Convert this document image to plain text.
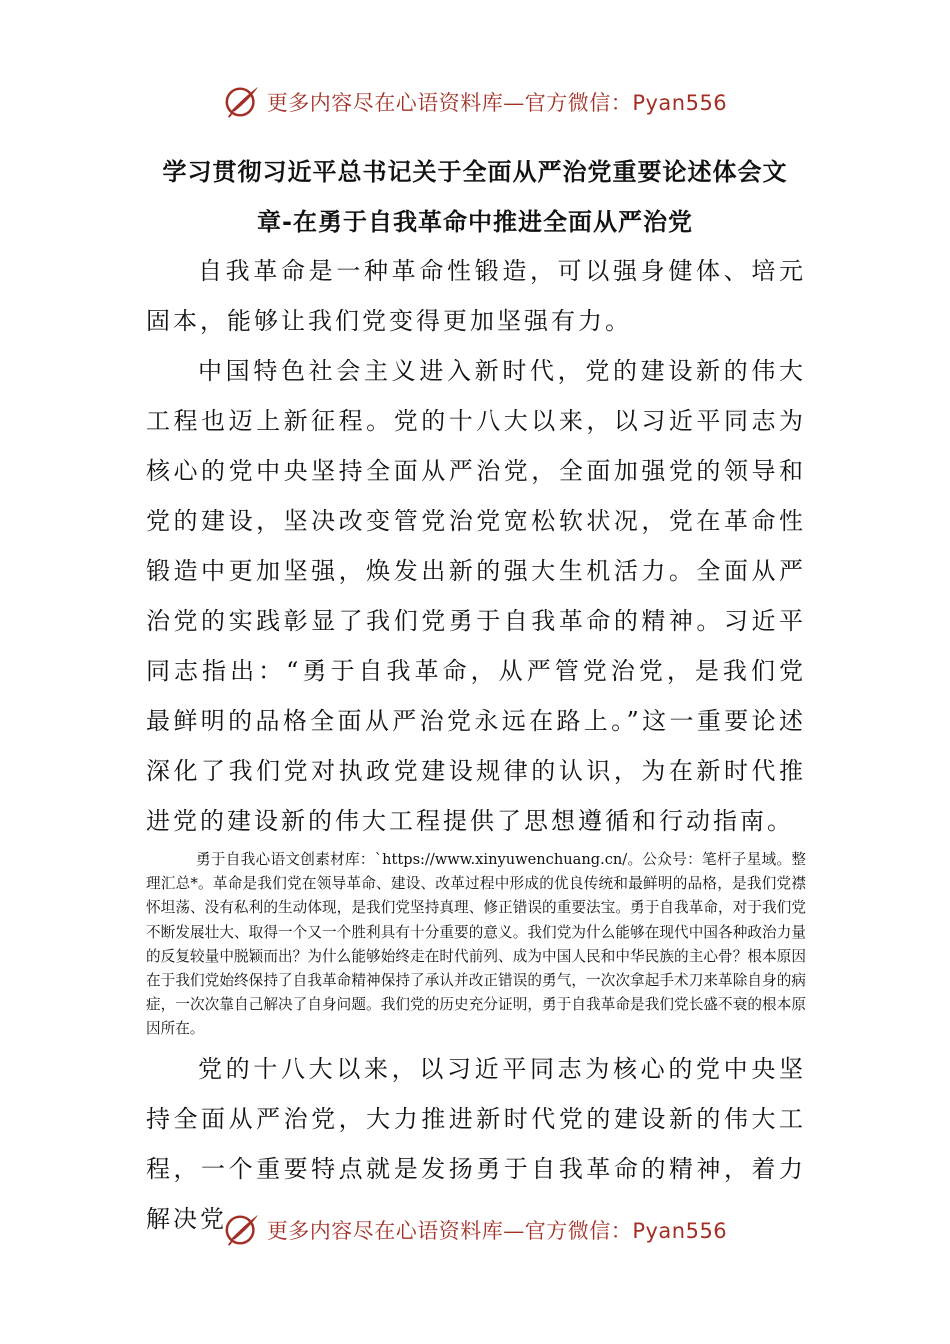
更多内容尽在心语资料库—官方微信：Pyan556
学习贯彻习近平总书记关于全面从严治党重要论述体会文
章-在勇于自我革命中推进全面从严治党

自我革命是一种革命性锻造，可以强身健体、培元固本，能够让我们党变得更加坚强有力。

中国特色社会主义进入新时代，党的建设新的伟大工程也迈上新征程。党的十八大以来，以习近平同志为核心的党中央坚持全面从严治党，全面加强党的领导和党的建设，坚决改变管党治党宽松软状况，党在革命性锻造中更加坚强，焕发出新的强大生机活力。全面从严治党的实践彰显了我们党勇于自我革命的精神。习近平同志指出：“勇于自我革命，从严管党治党，是我们党最鲜明的品格全面从严治党永远在路上。”这一重要论述深化了我们党对执政党建设规律的认识，为在新时代推进党的建设新的伟大工程提供了思想遵循和行动指南。

勇于自我心语文创素材库：`https://www.xinyuwenchuang.cn/。公众号：笔杆子星域。整理汇总*。革命是我们党在领导革命、建设、改革过程中形成的优良传统和最鲜明的品格，是我们党襟怀坦荡、没有私利的生动体现，是我们党坚持真理、修正错误的重要法宝。勇于自我革命，对于我们党不断发展壮大、取得一个又一个胜利具有十分重要的意义。我们党为什么能够在现代中国各种政治力量的反复较量中脱颖而出？为什么能够始终走在时代前列、成为中国人民和中华民族的主心骨？根本原因在于我们党始终保持了自我革命精神保持了承认并改正错误的勇气，一次次拿起手术刀来革除自身的病症，一次次靠自己解决了自身问题。我们党的历史充分证明，勇于自我革命是我们党长盛不衰的根本原因所在。

党的十八大以来，以习近平同志为核心的党中央坚持全面从严治党，大力推进新时代党的建设新的伟大工程，一个重要特点就是发扬勇于自我革命的精神，着力解决党	更多内容尽在心语资料库—官方微信：Pyan556
